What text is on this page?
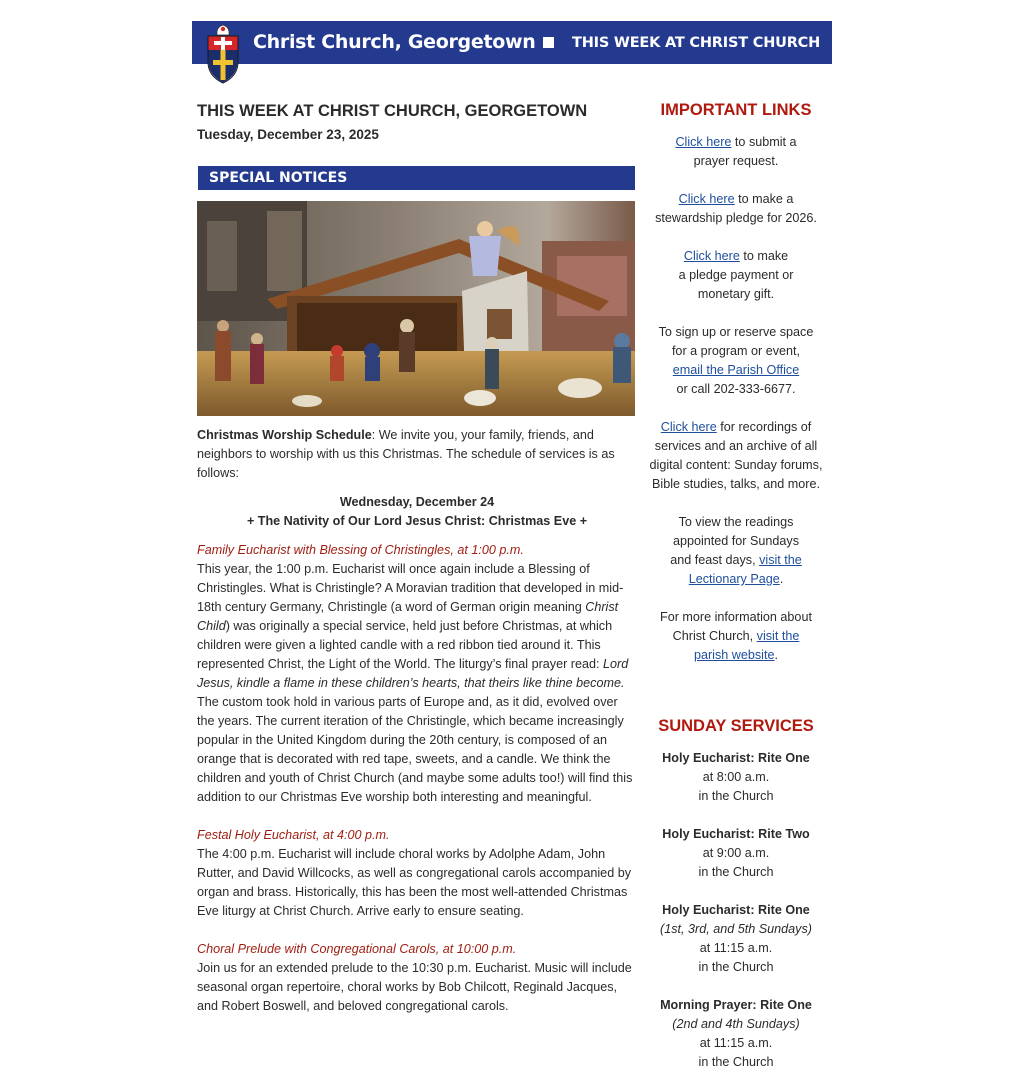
Christ Church, Georgetown	THIS WEEK AT CHRIST CHURCH
THIS WEEK AT CHRIST CHURCH, GEORGETOWN
Tuesday, December 23, 2025
SPECIAL NOTICES
Christmas Worship Schedule: We invite you, your family, friends, and neighbors to worship with us this Christmas. The schedule of services is as follows:
Wednesday, December 24
+ The Nativity of Our Lord Jesus Christ: Christmas Eve +
Family Eucharist with Blessing of Christingles, at 1:00 p.m.
This year, the 1:00 p.m. Eucharist will once again include a Blessing of Christingles. What is Christingle? A Moravian tradition that developed in mid-18th century Germany, Christingle (a word of German origin meaning Christ Child) was originally a special service, held just before Christmas, at which children were given a lighted candle with a red ribbon tied around it. This represented Christ, the Light of the World. The liturgy’s final prayer read: Lord Jesus, kindle a flame in these children’s hearts, that theirs like thine become. The custom took hold in various parts of Europe and, as it did, evolved over the years. The current iteration of the Christingle, which became increasingly popular in the United Kingdom during the 20th century, is composed of an orange that is decorated with red tape, sweets, and a candle. We think the children and youth of Christ Church (and maybe some adults too!) will find this addition to our Christmas Eve worship both interesting and meaningful.
Festal Holy Eucharist, at 4:00 p.m.
The 4:00 p.m. Eucharist will include choral works by Adolphe Adam, John Rutter, and David Willcocks, as well as congregational carols accompanied by organ and brass. Historically, this has been the most well-attended Christmas Eve liturgy at Christ Church. Arrive early to ensure seating.
Choral Prelude with Congregational Carols, at 10:00 p.m.
Join us for an extended prelude to the 10:30 p.m. Eucharist. Music will include seasonal organ repertoire, choral works by Bob Chilcott, Reginald Jacques, and Robert Boswell, and beloved congregational carols.
IMPORTANT LINKS
Click here to submit a
prayer request.
Click here to make a
stewardship pledge for 2026.
Click here to make
a pledge payment or
monetary gift.
To sign up or reserve space
for a program or event,
email the Parish Office
or call 202-333-6677.
Click here for recordings of
services and an archive of all
digital content: Sunday forums,
Bible studies, talks, and more.
To view the readings
appointed for Sundays
and feast days, visit the
Lectionary Page.
For more information about
Christ Church, visit the
parish website.
SUNDAY SERVICES
Holy Eucharist: Rite One
at 8:00 a.m.
in the Church
Holy Eucharist: Rite Two
at 9:00 a.m.
in the Church
Holy Eucharist: Rite One
(1st, 3rd, and 5th Sundays)
at 11:15 a.m.
in the Church
Morning Prayer: Rite One
(2nd and 4th Sundays)
at 11:15 a.m.
in the Church
